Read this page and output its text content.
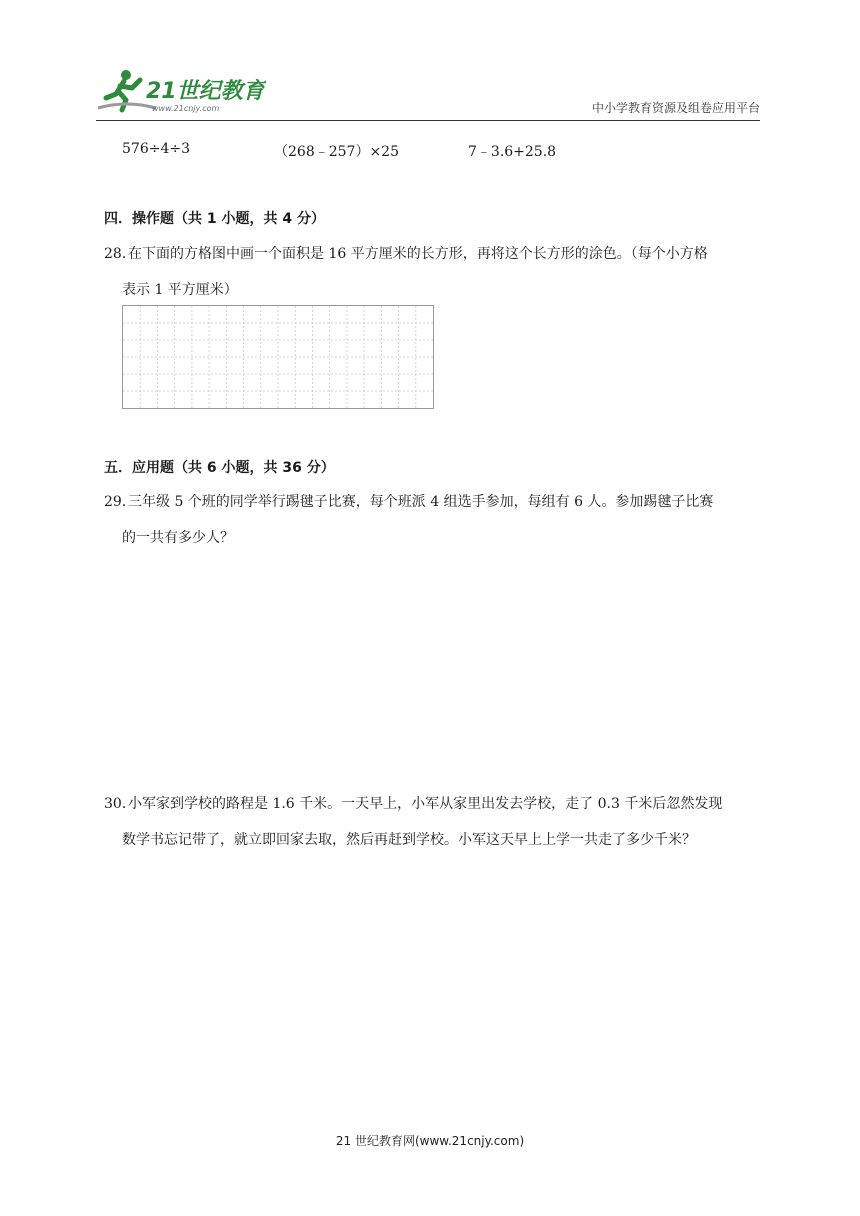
21世纪教育
www.21cnjy.com	中小学教育资源及组卷应用平台
576÷4÷3	（268﹣257）×25	7﹣3.6+25.8
四．操作题（共 1 小题，共 4 分）
28．在下面的方格图中画一个面积是 16 平方厘米的长方形，再将这个长方形的涂色。（每个小方格
表示 1 平方厘米）
五．应用题（共 6 小题，共 36 分）
29．三年级 5 个班的同学举行踢毽子比赛，每个班派 4 组选手参加，每组有 6 人。参加踢毽子比赛
的一共有多少人？
30．小军家到学校的路程是 1.6 千米。一天早上，小军从家里出发去学校，走了 0.3 千米后忽然发现
数学书忘记带了，就立即回家去取，然后再赶到学校。小军这天早上上学一共走了多少千米？
21 世纪教育网(www.21cnjy.com)
